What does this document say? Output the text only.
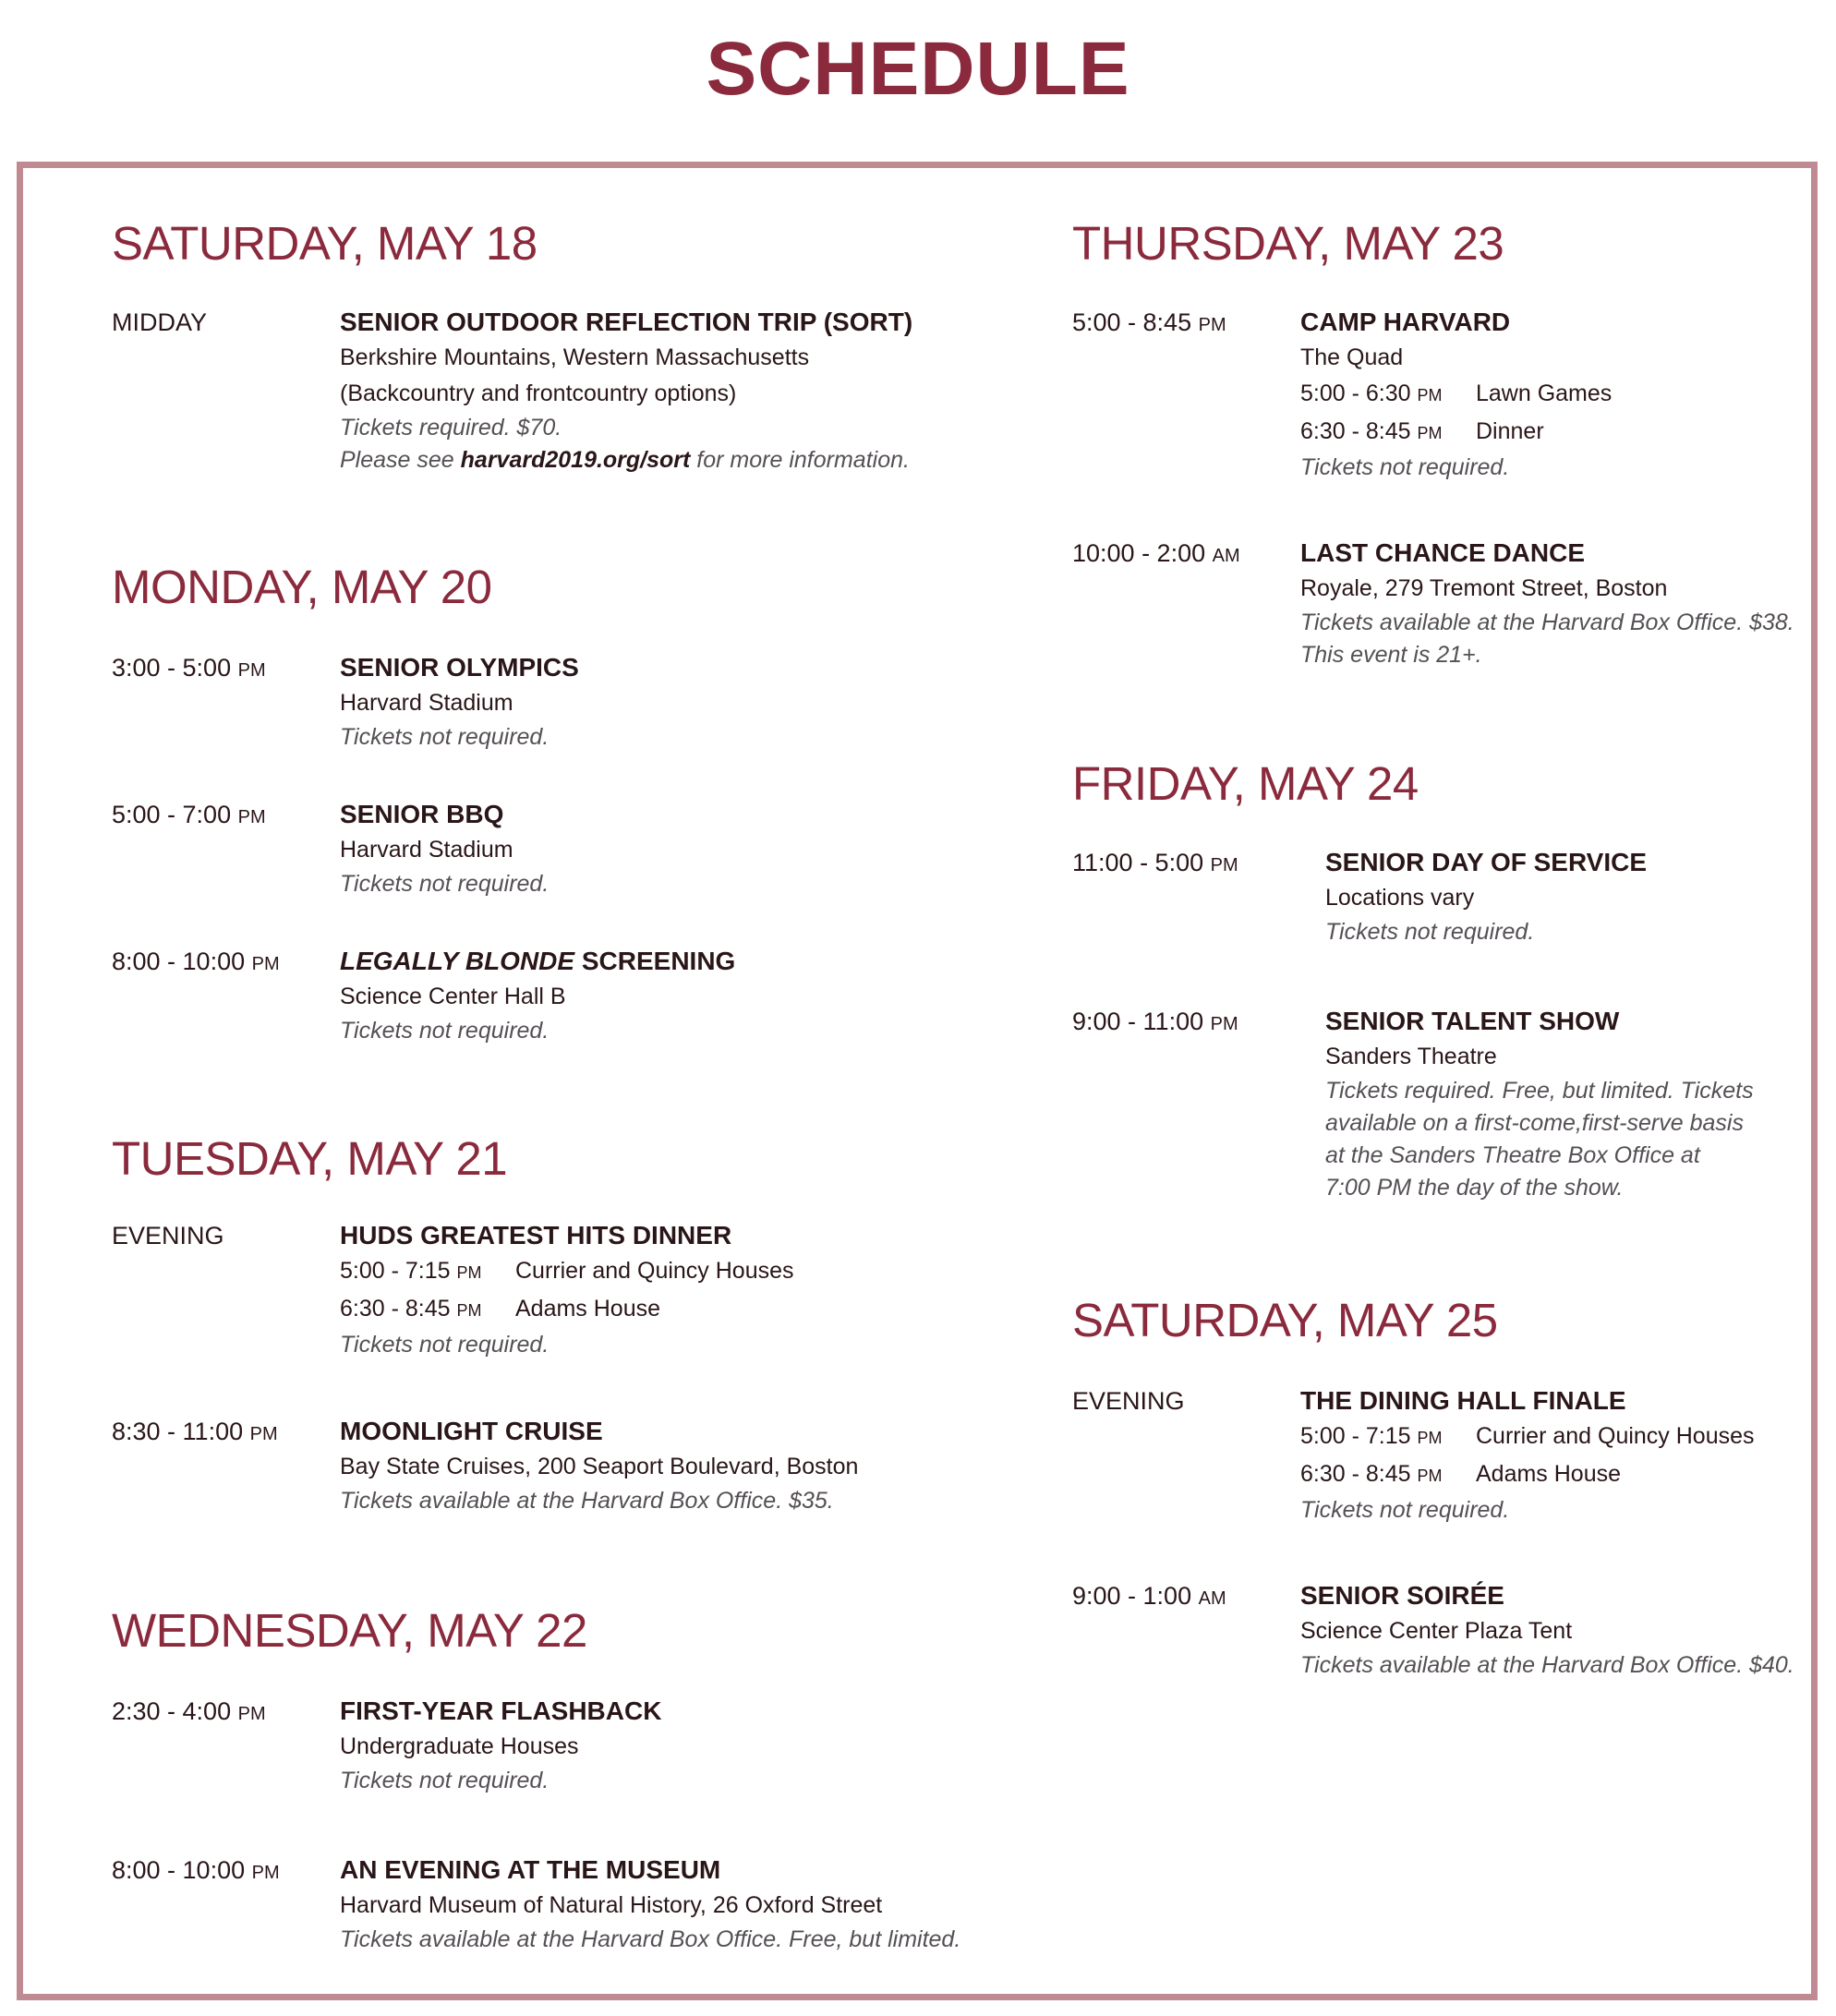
SCHEDULE
SATURDAY, MAY 18
MIDDAY	SENIOR OUTDOOR REFLECTION TRIP (SORT)
Berkshire Mountains, Western Massachusetts
(Backcountry and frontcountry options)
Tickets required. $70.
Please see harvard2019.org/sort for more information.
MONDAY, MAY 20
3:00 - 5:00 PM	SENIOR OLYMPICS
Harvard Stadium
Tickets not required.
5:00 - 7:00 PM	SENIOR BBQ
Harvard Stadium
Tickets not required.
8:00 - 10:00 PM LEGALLY BLONDE SCREENING
Science Center Hall B
Tickets not required.
TUESDAY, MAY 21
EVENING	HUDS GREATEST HITS DINNER
5:00 - 7:15 PM Currier and Quincy Houses
6:30 - 8:45 PM Adams House
Tickets not required.
8:30 - 11:00 PM MOONLIGHT CRUISE
Bay State Cruises, 200 Seaport Boulevard, Boston
Tickets available at the Harvard Box Office. $35.
WEDNESDAY, MAY 22
2:30 - 4:00 PM	FIRST-YEAR FLASHBACK
Undergraduate Houses
Tickets not required.
8:00 - 10:00 PM AN EVENING AT THE MUSEUM
Harvard Museum of Natural History, 26 Oxford Street
Tickets available at the Harvard Box Office. Free, but limited.
THURSDAY, MAY 23
5:00 - 8:45 PM	CAMP HARVARD
The Quad
5:00 - 6:30 PM Lawn Games
6:30 - 8:45 PM Dinner
Tickets not required.
10:00 - 2:00 AM LAST CHANCE DANCE
Royale, 279 Tremont Street, Boston
Tickets available at the Harvard Box Office. $38.
This event is 21+.
FRIDAY, MAY 24
11:00 - 5:00 PM	SENIOR DAY OF SERVICE
Locations vary
Tickets not required.
9:00 - 11:00 PM	SENIOR TALENT SHOW
Sanders Theatre
Tickets required. Free, but limited. Tickets
available on a first-come,first-serve basis
at the Sanders Theatre Box Office at
7:00 PM the day of the show.
SATURDAY, MAY 25
EVENING	THE DINING HALL FINALE
5:00 - 7:15 PM Currier and Quincy Houses
6:30 - 8:45 PM Adams House
Tickets not required.
9:00 - 1:00 AM	SENIOR SOIRÉE
Science Center Plaza Tent
Tickets available at the Harvard Box Office. $40.
